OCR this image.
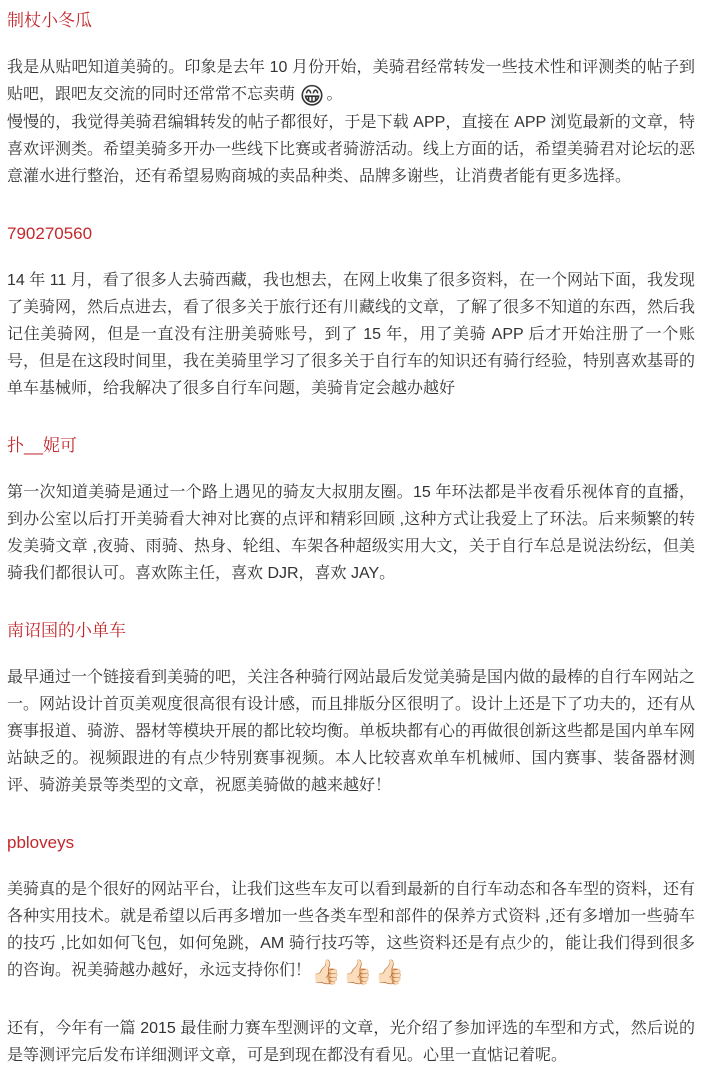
制杖小冬瓜

我是从贴吧知道美骑的。印象是去年 10 月份开始，美骑君经常转发一些技术性和评测类的帖子到贴吧，跟吧友交流的同时还常常不忘卖萌 😁。

慢慢的，我觉得美骑君编辑转发的帖子都很好，于是下载 APP，直接在 APP 浏览最新的文章，特喜欢评测类。希望美骑多开办一些线下比赛或者骑游活动。线上方面的话，希望美骑君对论坛的恶意灌水进行整治，还有希望易购商城的卖品种类、品牌多谢些，让消费者能有更多选择。

790270560

14 年 11 月，看了很多人去骑西藏，我也想去，在网上收集了很多资料，在一个网站下面，我发现了美骑网，然后点进去，看了很多关于旅行还有川藏线的文章，了解了很多不知道的东西，然后我记住美骑网，但是一直没有注册美骑账号，到了 15 年，用了美骑 APP 后才开始注册了一个账号，但是在这段时间里，我在美骑里学习了很多关于自行车的知识还有骑行经验，特别喜欢基哥的单车基械师，给我解决了很多自行车问题，美骑肯定会越办越好

扑__妮可

第一次知道美骑是通过一个路上遇见的骑友大叔朋友圈。15 年环法都是半夜看乐视体育的直播，到办公室以后打开美骑看大神对比赛的点评和精彩回顾 ,这种方式让我爱上了环法。后来频繁的转发美骑文章 ,夜骑、雨骑、热身、轮组、车架各种超级实用大文，关于自行车总是说法纷纭，但美骑我们都很认可。喜欢陈主任，喜欢 DJR，喜欢 JAY。

南诏国的小单车

最早通过一个链接看到美骑的吧，关注各种骑行网站最后发觉美骑是国内做的最棒的自行车网站之一。网站设计首页美观度很高很有设计感，而且排版分区很明了。设计上还是下了功夫的，还有从赛事报道、骑游、器材等模块开展的都比较均衡。单板块都有心的再做很创新这些都是国内单车网站缺乏的。视频跟进的有点少特别赛事视频。本人比较喜欢单车机械师、国内赛事、装备器材测评、骑游美景等类型的文章，祝愿美骑做的越来越好！

pbloveys

美骑真的是个很好的网站平台，让我们这些车友可以看到最新的自行车动态和各车型的资料，还有各种实用技术。就是希望以后再多增加一些各类车型和部件的保养方式资料 ,还有多增加一些骑车的技巧 ,比如如何飞包，如何兔跳，AM 骑行技巧等，这些资料还是有点少的，能让我们得到很多的咨询。祝美骑越办越好，永远支持你们！👍🏻👍🏻👍🏻

还有，今年有一篇 2015 最佳耐力赛车型测评的文章，光介绍了参加评选的车型和方式，然后说的是等测评完后发布详细测评文章，可是到现在都没有看见。心里一直惦记着呢。
